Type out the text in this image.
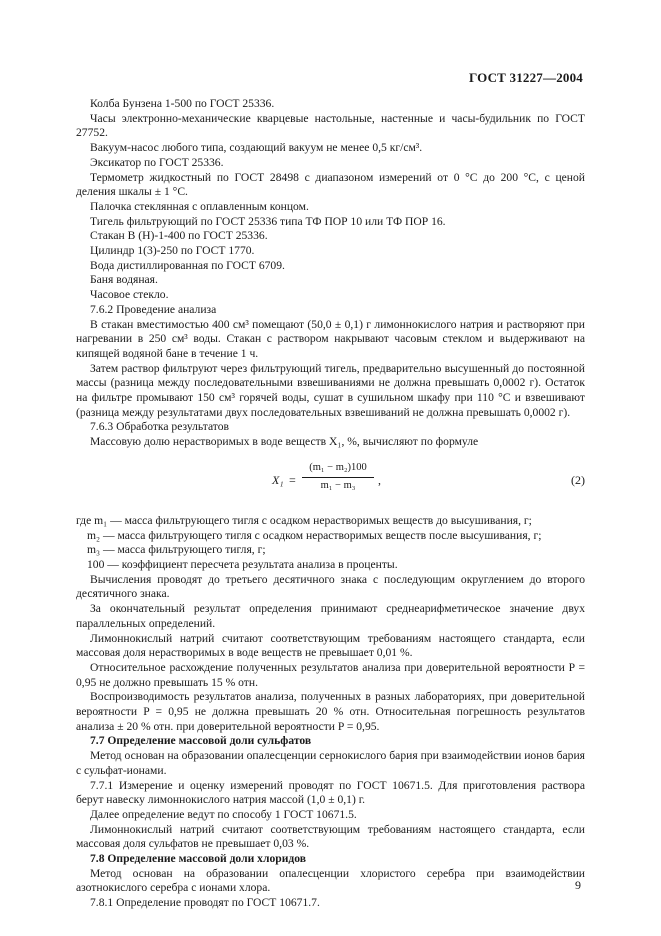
ГОСТ 31227—2004

Колба Бунзена 1-500 по ГОСТ 25336.

Часы электронно-механические кварцевые настольные, настенные и часы-будильник по ГОСТ 27752.

Вакуум-насос любого типа, создающий вакуум не менее 0,5 кг/см³.

Эксикатор по ГОСТ 25336.

Термометр жидкостный по ГОСТ 28498 с диапазоном измерений от 0 °С до 200 °С, с ценой деления шкалы ± 1 °С.

Палочка стеклянная с оплавленным концом.

Тигель фильтрующий по ГОСТ 25336 типа ТФ ПОР 10 или ТФ ПОР 16.

Стакан В (Н)-1-400 по ГОСТ 25336.

Цилиндр 1(3)-250 по ГОСТ 1770.

Вода дистиллированная по ГОСТ 6709.

Баня водяная.

Часовое стекло.

7.6.2 Проведение анализа

В стакан вместимостью 400 см³ помещают (50,0 ± 0,1) г лимоннокислого натрия и растворяют при нагревании в 250 см³ воды. Стакан с раствором накрывают часовым стеклом и выдерживают на кипящей водяной бане в течение 1 ч.

Затем раствор фильтруют через фильтрующий тигель, предварительно высушенный до постоянной массы (разница между последовательными взвешиваниями не должна превышать 0,0002 г). Остаток на фильтре промывают 150 см³ горячей воды, сушат в сушильном шкафу при 110 °С и взвешивают (разница между результатами двух последовательных взвешиваний не должна превышать 0,0002 г).

7.6.3 Обработка результатов

Массовую долю нерастворимых в воде веществ X₁, %, вычисляют по формуле

$X_1 = \frac{\text{(m₁ − m₂)100}}{\text{m₁ − m₃}}$ ,	(2)

где m₁ — масса фильтрующего тигля с осадком нерастворимых веществ до высушивания, г;

m₂ — масса фильтрующего тигля с осадком нерастворимых веществ после высушивания, г;

m₃ — масса фильтрующего тигля, г;

100 — коэффициент пересчета результата анализа в проценты.

Вычисления проводят до третьего десятичного знака с последующим округлением до второго десятичного знака.

За окончательный результат определения принимают среднеарифметическое значение двух параллельных определений.

Лимоннокислый натрий считают соответствующим требованиям настоящего стандарта, если массовая доля нерастворимых в воде веществ не превышает 0,01 %.

Относительное расхождение полученных результатов анализа при доверительной вероятности P = 0,95 не должно превышать 15 % отн.

Воспроизводимость результатов анализа, полученных в разных лабораториях, при доверительной вероятности P = 0,95 не должна превышать 20 % отн. Относительная погрешность результатов анализа ± 20 % отн. при доверительной вероятности P = 0,95.

7.7 Определение массовой доли сульфатов

Метод основан на образовании опалесценции сернокислого бария при взаимодействии ионов бария с сульфат-ионами.

7.7.1 Измерение и оценку измерений проводят по ГОСТ 10671.5. Для приготовления раствора берут навеску лимоннокислого натрия массой (1,0 ± 0,1) г.

Далее определение ведут по способу 1 ГОСТ 10671.5.

Лимоннокислый натрий считают соответствующим требованиям настоящего стандарта, если массовая доля сульфатов не превышает 0,03 %.

7.8 Определение массовой доли хлоридов

Метод основан на образовании опалесценции хлористого серебра при взаимодействии азотнокислого серебра с ионами хлора.

7.8.1 Определение проводят по ГОСТ 10671.7.

9
